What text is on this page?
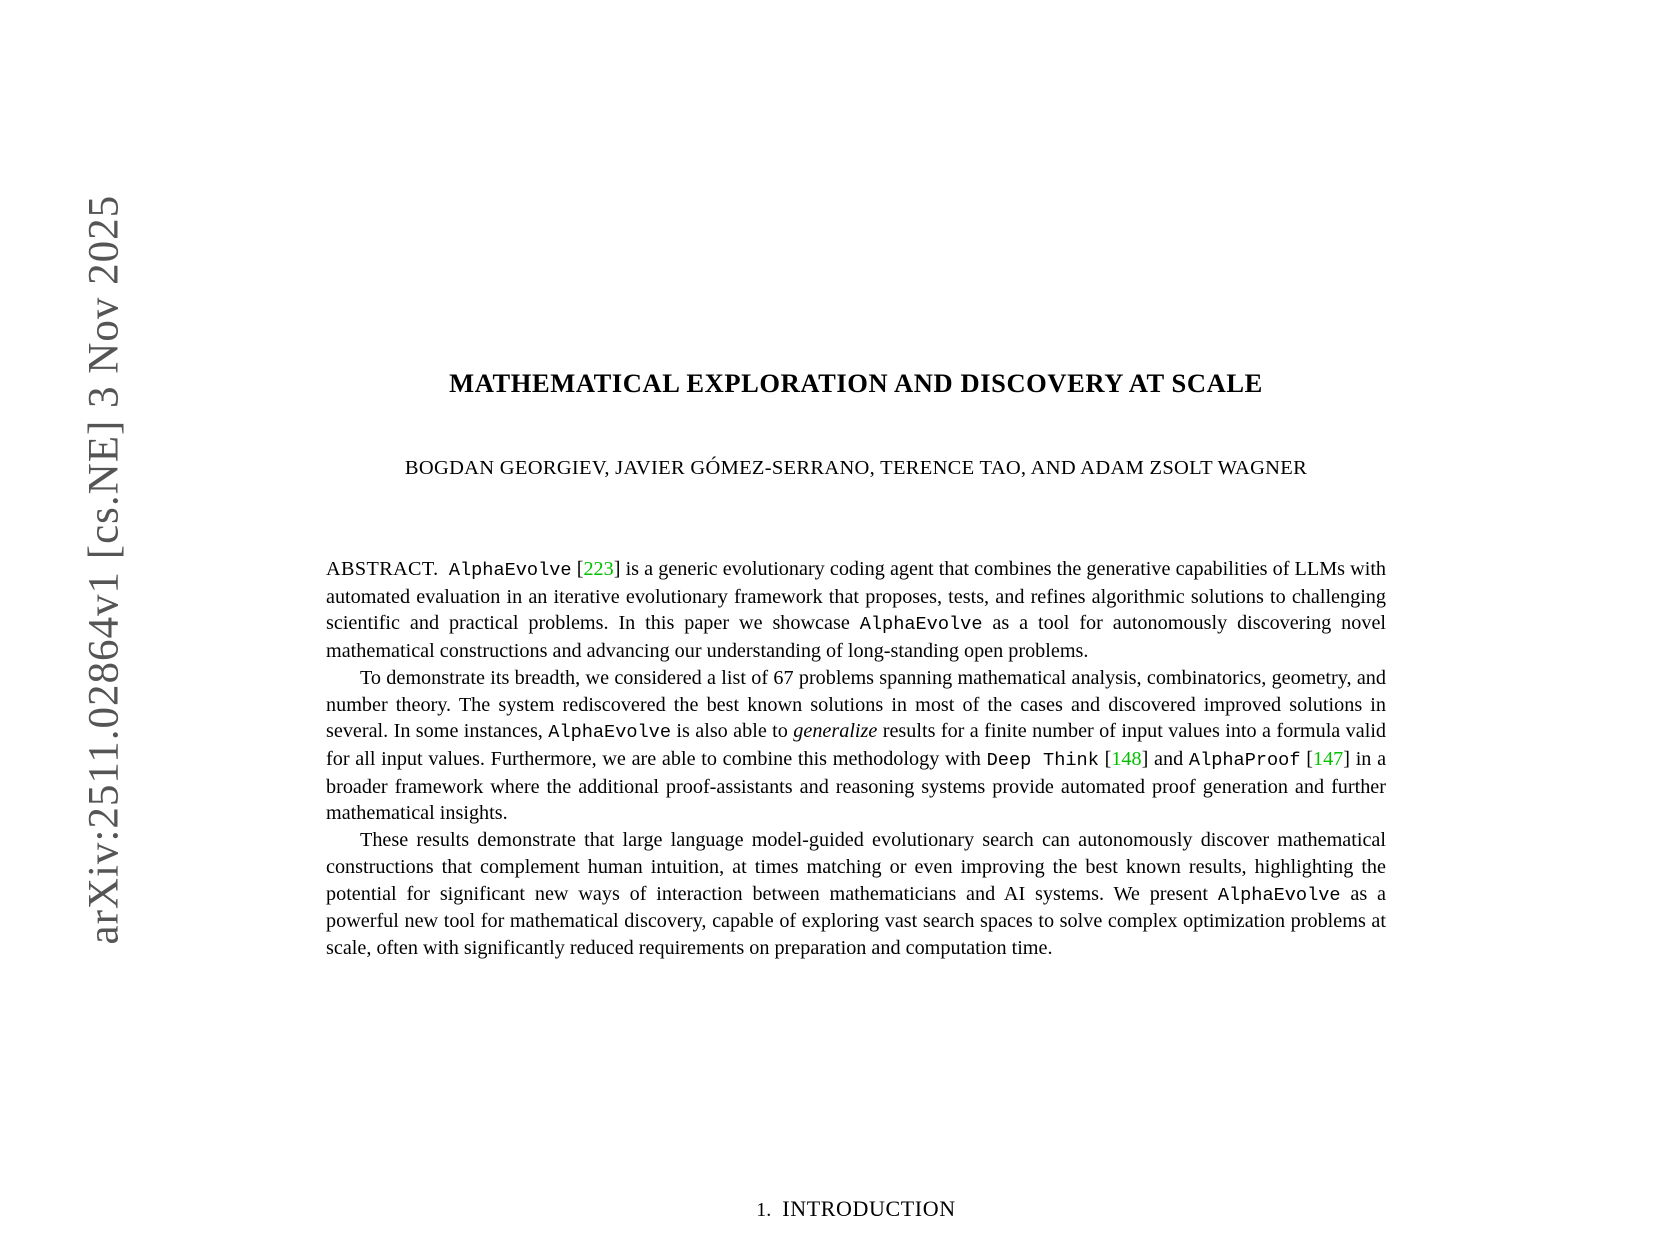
arXiv:2511.02864v1 [cs.NE] 3 Nov 2025	MATHEMATICAL EXPLORATION AND DISCOVERY AT SCALE
BOGDAN GEORGIEV, JAVIER GÓMEZ-SERRANO, TERENCE TAO, AND ADAM ZSOLT WAGNER

ABSTRACT. AlphaEvolve [223] is a generic evolutionary coding agent that combines the generative capabilities of LLMs with automated evaluation in an iterative evolutionary framework that proposes, tests, and refines algorithmic solutions to challenging scientific and practical problems. In this paper we showcase AlphaEvolve as a tool for autonomously discovering novel mathematical constructions and advancing our understanding of long-standing open problems.

To demonstrate its breadth, we considered a list of 67 problems spanning mathematical analysis, combinatorics, geometry, and number theory. The system rediscovered the best known solutions in most of the cases and discovered improved solutions in several. In some instances, AlphaEvolve is also able to generalize results for a finite number of input values into a formula valid for all input values. Furthermore, we are able to combine this methodology with Deep Think [148] and AlphaProof [147] in a broader framework where the additional proof-assistants and reasoning systems provide automated proof generation and further mathematical insights.

These results demonstrate that large language model-guided evolutionary search can autonomously discover mathematical constructions that complement human intuition, at times matching or even improving the best known results, highlighting the potential for significant new ways of interaction between mathematicians and AI systems. We present AlphaEvolve as a powerful new tool for mathematical discovery, capable of exploring vast search spaces to solve complex optimization problems at scale, often with significantly reduced requirements on preparation and computation time.

1. INTRODUCTION
